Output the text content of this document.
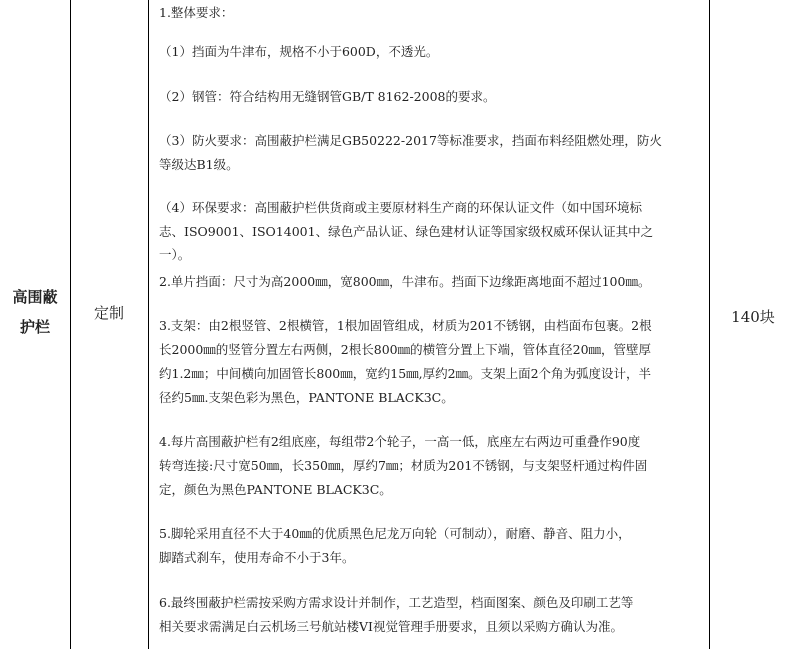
高围蔽
护栏
定制	140块
1.整体要求：
（1）挡面为牛津布，规格不小于600D，不透光。
（2）钢管：符合结构用无缝钢管GB/T 8162-2008的要求。
（3）防火要求：高围蔽护栏满足GB50222-2017等标准要求，挡面布料经阻燃处理，防火
等级达B1级。
（4）环保要求：高围蔽护栏供货商或主要原材料生产商的环保认证文件（如中国环境标
志、ISO9001、ISO14001、绿色产品认证、绿色建材认证等国家级权威环保认证其中之
一）。
2.单片挡面：尺寸为高2000㎜，宽800㎜，牛津布。挡面下边缘距离地面不超过100㎜。
3.支架：由2根竖管、2根横管，1根加固管组成，材质为201不锈钢，由档面布包裹。2根
长2000㎜的竖管分置左右两侧，2根长800㎜的横管分置上下端，管体直径20㎜，管壁厚
约1.2㎜；中间横向加固管长800㎜，宽约15㎜,厚约2㎜。支架上面2个角为弧度设计，半
径约5㎜.支架色彩为黑色，PANTONE BLACK3C。
4.每片高围蔽护栏有2组底座，每组带2个轮子，一高一低，底座左右两边可重叠作90度
转弯连接:尺寸宽50㎜，长350㎜，厚约7㎜；材质为201不锈钢，与支架竖杆通过构件固
定，颜色为黑色PANTONE BLACK3C。
5.脚轮采用直径不大于40㎜的优质黑色尼龙万向轮（可制动），耐磨、静音、阻力小，
脚踏式刹车，使用寿命不小于3年。
6.最终围蔽护栏需按采购方需求设计并制作，工艺造型，档面图案、颜色及印刷工艺等
相关要求需满足白云机场三号航站楼VI视觉管理手册要求，且须以采购方确认为准。
